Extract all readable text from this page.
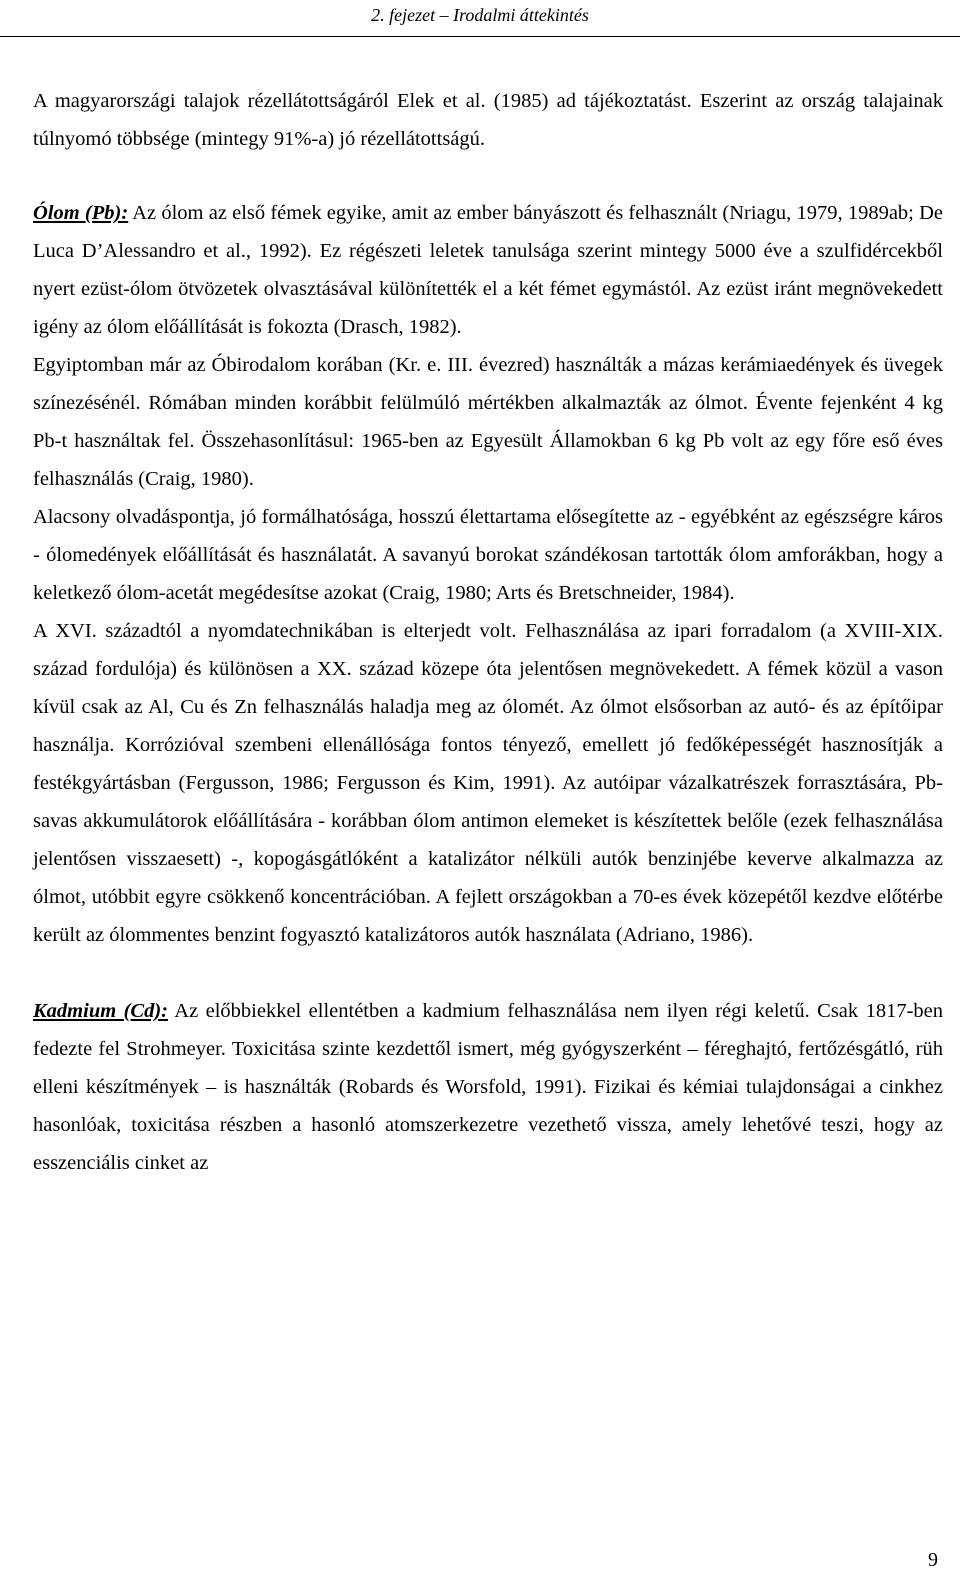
2. fejezet – Irodalmi áttekintés

A magyarországi talajok rézellátottságáról Elek et al. (1985) ad tájékoztatást. Eszerint az ország talajainak túlnyomó többsége (mintegy 91%-a) jó rézellátottságú.

Ólom (Pb): Az ólom az első fémek egyike, amit az ember bányászott és felhasznált (Nriagu, 1979, 1989ab; De Luca D’Alessandro et al., 1992). Ez régészeti leletek tanulsága szerint mintegy 5000 éve a szulfidércekből nyert ezüst-ólom ötvözetek olvasztásával különítették el a két fémet egymástól. Az ezüst iránt megnövekedett igény az ólom előállítását is fokozta (Drasch, 1982).

Egyiptomban már az Óbirodalom korában (Kr. e. III. évezred) használták a mázas kerámiaedények és üvegek színezésénél. Rómában minden korábbit felülmúló mértékben alkalmazták az ólmot. Évente fejenként 4 kg Pb-t használtak fel. Összehasonlításul: 1965-ben az Egyesült Államokban 6 kg Pb volt az egy főre eső éves felhasználás (Craig, 1980).

Alacsony olvadáspontja, jó formálhatósága, hosszú élettartama elősegítette az - egyébként az egészségre káros - ólomedények előállítását és használatát. A savanyú borokat szándékosan tartották ólom amforákban, hogy a keletkező ólom-acetát megédesítse azokat (Craig, 1980; Arts és Bretschneider, 1984).

A XVI. századtól a nyomdatechnikában is elterjedt volt. Felhasználása az ipari forradalom (a XVIII-XIX. század fordulója) és különösen a XX. század közepe óta jelentősen megnövekedett. A fémek közül a vason kívül csak az Al, Cu és Zn felhasználás haladja meg az ólomét. Az ólmot elsősorban az autó- és az építőipar használja. Korrózióval szembeni ellenállósága fontos tényező, emellett jó fedőképességét hasznosítják a festékgyártásban (Fergusson, 1986; Fergusson és Kim, 1991). Az autóipar vázalkatrészek forrasztására, Pb-savas akkumulátorok előállítására - korábban ólom antimon elemeket is készítettek belőle (ezek felhasználása jelentősen visszaesett) -, kopogásgátlóként a katalizátor nélküli autók benzinjébe keverve alkalmazza az ólmot, utóbbit egyre csökkenő koncentrációban. A fejlett országokban a 70-es évek közepétől kezdve előtérbe került az ólommentes benzint fogyasztó katalizátoros autók használata (Adriano, 1986).

Kadmium (Cd): Az előbbiekkel ellentétben a kadmium felhasználása nem ilyen régi keletű. Csak 1817-ben fedezte fel Strohmeyer. Toxicitása szinte kezdettől ismert, még gyógyszerként – féreghajtó, fertőzésgátló, rüh elleni készítmények – is használták (Robards és Worsfold, 1991). Fizikai és kémiai tulajdonságai a cinkhez hasonlóak, toxicitása részben a hasonló atomszerkezetre vezethető vissza, amely lehetővé teszi, hogy az esszenciális cinket az

9
